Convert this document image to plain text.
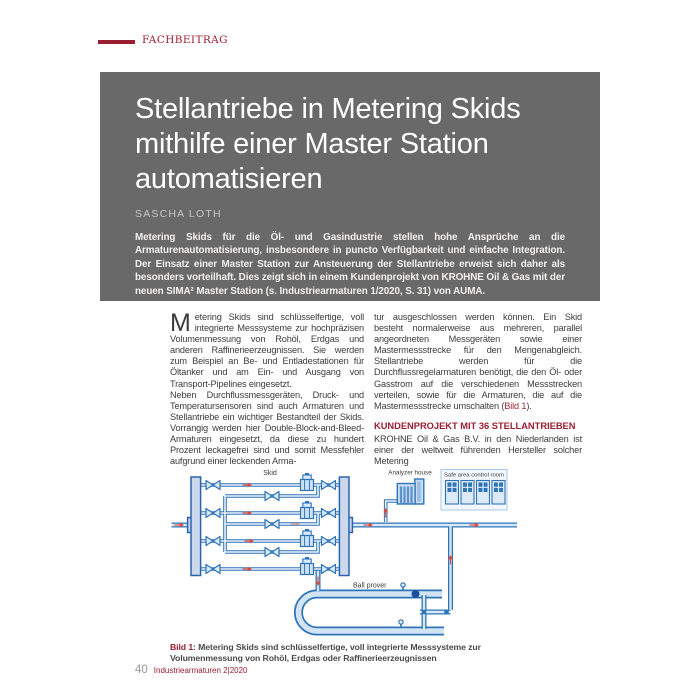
FACHBEITRAG
Stellantriebe in Metering Skids mithilfe einer Master Station automatisieren
SASCHA LOTH
Metering Skids für die Öl- und Gasindustrie stellen hohe Ansprüche an die Armaturenautomatisierung, insbesondere in puncto Verfügbarkeit und einfache Integration. Der Einsatz einer Master Station zur Ansteuerung der Stellantriebe erweist sich daher als besonders vorteilhaft. Dies zeigt sich in einem Kundenprojekt von KROHNE Oil & Gas mit der neuen SIMA² Master Station (s. Industriearmaturen 1/2020, S. 31) von AUMA.

Metering Skids sind schlüsselfertige, voll integrierte Messsysteme zur hochpräzisen Volumenmessung von Rohöl, Erdgas und anderen Raffinerieerzeugnissen. Sie werden zum Beispiel an Be- und Entladestationen für Öltanker und am Ein- und Ausgang von Transport-Pipelines eingesetzt.

Neben Durchflussmessgeräten, Druck- und Temperatursensoren sind auch Armaturen und Stellantriebe ein wichtiger Bestandteil der Skids. Vorrangig werden hier Double-Block-and-Bleed-Armaturen eingesetzt, da diese zu hundert Prozent leckagefrei sind und somit Messfehler aufgrund einer leckenden Arma-

tur ausgeschlossen werden können. Ein Skid besteht normalerweise aus mehreren, parallel angeordneten Messgeräten sowie einer Mastermessstrecke für den Mengenabgleich. Stellantriebe werden für die Durchflussregelarmaturen benötigt, die den Öl- oder Gasstrom auf die verschiedenen Messstrecken verteilen, sowie für die Armaturen, die auf die Mastermessstrecke umschalten (Bild 1).

KUNDENPROJEKT MIT 36 STELLANTRIEBEN

KROHNE Oil & Gas B.V. in den Niederlanden ist einer der weltweit führenden Hersteller solcher Metering

Skid	Analyzer house Safe area control room
Ball prover
Bild 1: Metering Skids sind schlüsselfertige, voll integrierte Messsysteme zur Volumenmessung von Rohöl, Erdgas oder Raffinerieerzeugnissen
40 Industriearmaturen 2|2020
